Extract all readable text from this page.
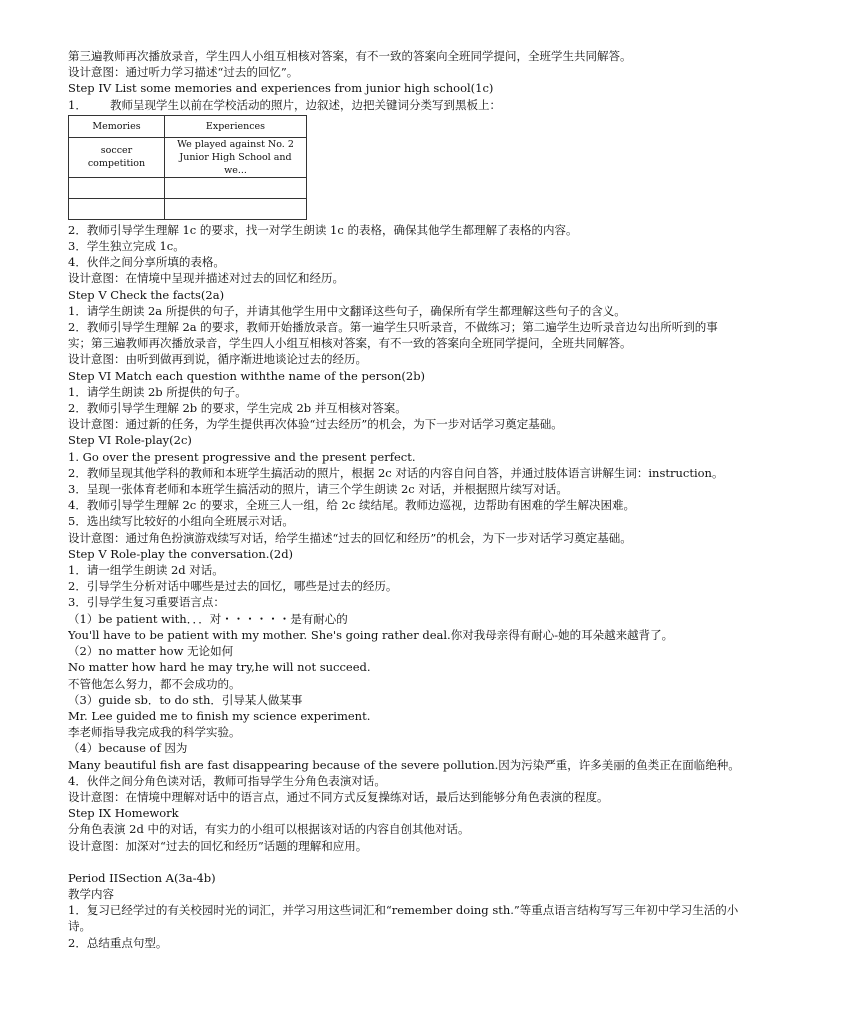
第三遍教师再次播放录音，学生四人小组互相核对答案，有不一致的答案向全班同学提问，全班学生共同解答。
设计意图：通过听力学习描述“过去的回忆”。
Step IV List some memories and experiences from junior high school(1c)
1． 教师呈现学生以前在学校活动的照片，边叙述，边把关键词分类写到黑板上：
Memories	Experiences
soccer competition	We played against No. 2 Junior High School and we...

2．教师引导学生理解 1c 的要求，找一对学生朗读 1c 的表格，确保其他学生都理解了表格的内容。
3．学生独立完成 1c。
4．伙伴之间分享所填的表格。
设计意图：在情境中呈现并描述对过去的回忆和经历。
Step V Check the facts(2a)
1．请学生朗读 2a 所提供的句子，并请其他学生用中文翻译这些句子，确保所有学生都理解这些句子的含义。
2．教师引导学生理解 2a 的要求，教师开始播放录音。第一遍学生只听录音，不做练习；第二遍学生边听录音边勾出所听到的事
实；第三遍教师再次播放录音，学生四人小组互相核对答案，有不一致的答案向全班同学提问，全班共同解答。
设计意图：由听到做再到说，循序渐进地谈论过去的经历。
Step VI Match each question withthe name of the person(2b)
1．请学生朗读 2b 所提供的句子。
2．教师引导学生理解 2b 的要求，学生完成 2b 并互相核对答案。
设计意图：通过新的任务，为学生提供再次体验“过去经历”的机会，为下一步对话学习奠定基础。
Step VI Role-play(2c)
1. Go over the present progressive and the present perfect.
2．教师呈现其他学科的教师和本班学生搞活动的照片，根据 2c 对话的内容自问自答，并通过肢体语言讲解生词：instruction。
3．呈现一张体育老师和本班学生搞活动的照片，请三个学生朗读 2c 对话，并根据照片续写对话。
4．教师引导学生理解 2c 的要求，全班三人一组，给 2c 续结尾。教师边巡视，边帮助有困难的学生解决困难。
5．选出续写比较好的小组向全班展示对话。
设计意图：通过角色扮演游戏续写对话，给学生描述“过去的回忆和经历”的机会，为下一步对话学习奠定基础。
Step V Role-play the conversation.(2d)
1．请一组学生朗读 2d 对话。
2．引导学生分析对话中哪些是过去的回忆，哪些是过去的经历。
3．引导学生复习重要语言点：
（1）be patient with．．．对・・・・・・是有耐心的
You'll have to be patient with my mother. She's going rather deal.你对我母亲得有耐心-她的耳朵越来越背了。
（2）no matter how 无论如何
No matter how hard he may try,he will not succeed.
不管他怎么努力，都不会成功的。
（3）guide sb．to do sth．引导某人做某事
Mr. Lee guided me to finish my science experiment.
李老师指导我完成我的科学实验。
（4）because of 因为
Many beautiful fish are fast disappearing because of the severe pollution.因为污染严重，许多美丽的鱼类正在面临绝种。
4．伙伴之间分角色读对话，教师可指导学生分角色表演对话。
设计意图：在情境中理解对话中的语言点，通过不同方式反复操练对话，最后达到能够分角色表演的程度。
Step IX Homework
分角色表演 2d 中的对话，有实力的小组可以根据该对话的内容自创其他对话。
设计意图：加深对“过去的回忆和经历”话题的理解和应用。
Period IISection A(3a-4b)
教学内容
1．复习已经学过的有关校园时光的词汇，并学习用这些词汇和“remember doing sth.”等重点语言结构写写三年初中学习生活的小
诗。
2．总结重点句型。
